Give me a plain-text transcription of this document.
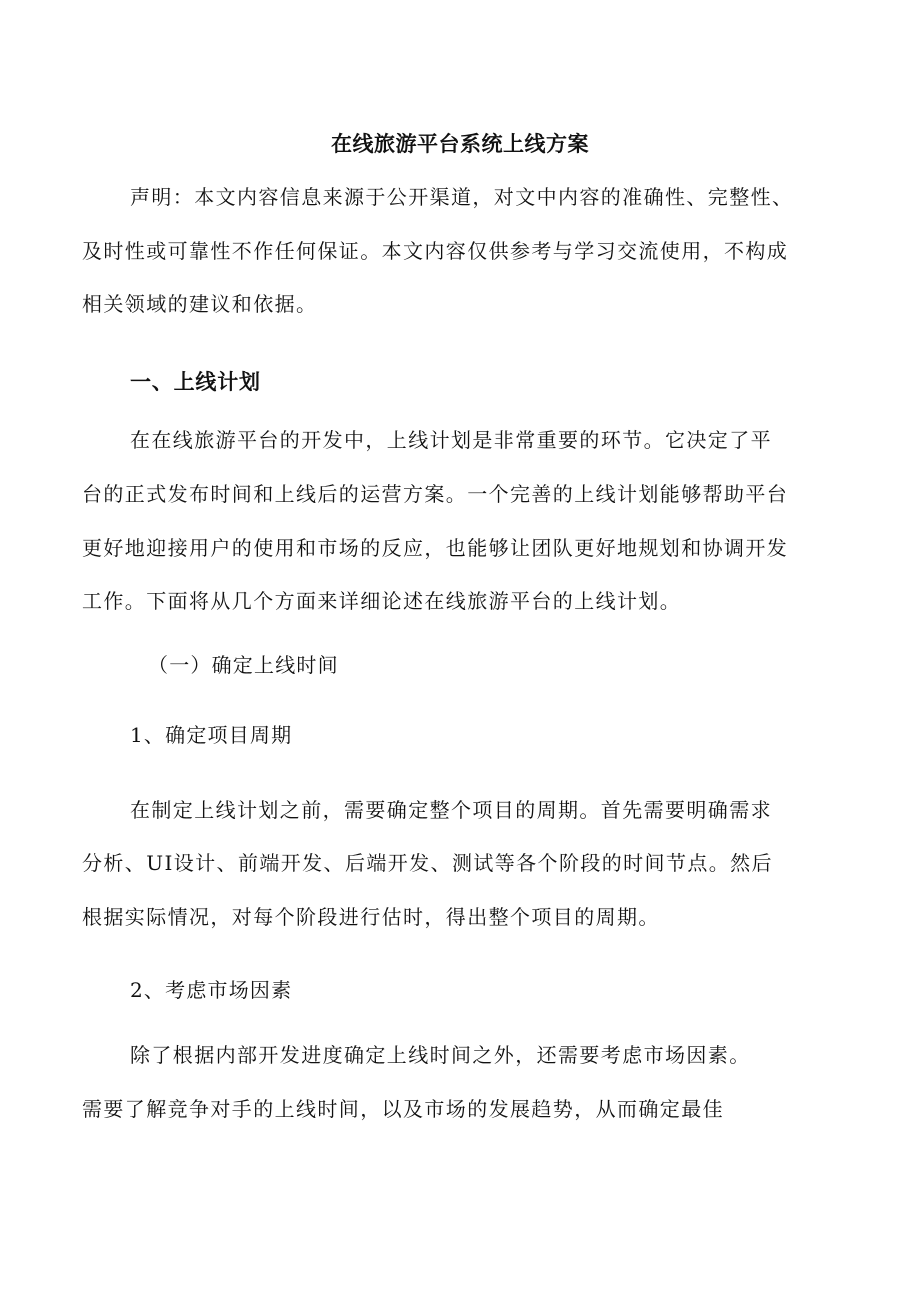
在线旅游平台系统上线方案
声明：本文内容信息来源于公开渠道，对文中内容的准确性、完整性、
及时性或可靠性不作任何保证。本文内容仅供参考与学习交流使用，不构成
相关领域的建议和依据。
一、上线计划
在在线旅游平台的开发中，上线计划是非常重要的环节。它决定了平
台的正式发布时间和上线后的运营方案。一个完善的上线计划能够帮助平台
更好地迎接用户的使用和市场的反应，也能够让团队更好地规划和协调开发
工作。下面将从几个方面来详细论述在线旅游平台的上线计划。
（一）确定上线时间
1、确定项目周期
在制定上线计划之前，需要确定整个项目的周期。首先需要明确需求
分析、UI设计、前端开发、后端开发、测试等各个阶段的时间节点。然后
根据实际情况，对每个阶段进行估时，得出整个项目的周期。
2、考虑市场因素
除了根据内部开发进度确定上线时间之外，还需要考虑市场因素。
需要了解竞争对手的上线时间，以及市场的发展趋势，从而确定最佳
